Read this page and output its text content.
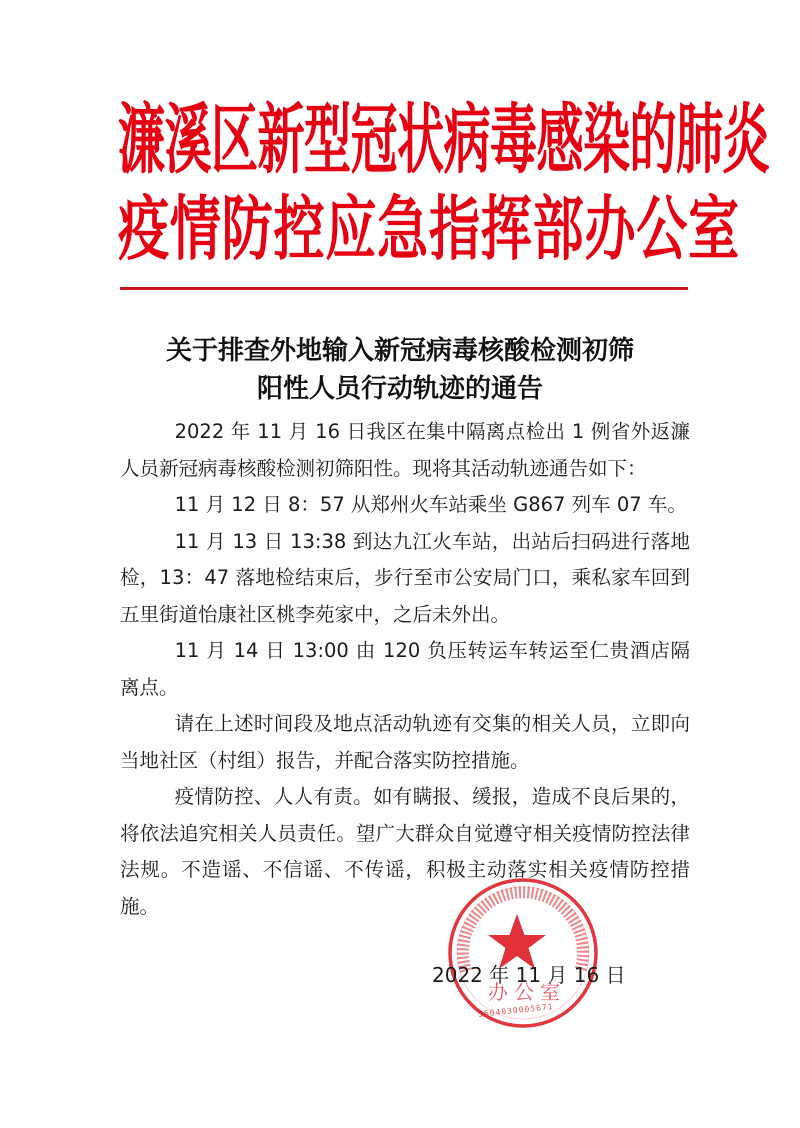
濂溪区新型冠状病毒感染的肺炎
疫情防控应急指挥部办公室
关于排查外地输入新冠病毒核酸检测初筛
阳性人员行动轨迹的通告

2022 年 11 月 16 日我区在集中隔离点检出 1 例省外返濂人员新冠病毒核酸检测初筛阳性。现将其活动轨迹通告如下：

11 月 12 日 8：57 从郑州火车站乘坐 G867 列车 07 车。

11 月 13 日 13:38 到达九江火车站，出站后扫码进行落地检，13：47 落地检结束后，步行至市公安局门口，乘私家车回到五里街道怡康社区桃李苑家中，之后未外出。

11 月 14 日 13:00 由 120 负压转运车转运至仁贵酒店隔离点。

请在上述时间段及地点活动轨迹有交集的相关人员，立即向当地社区（村组）报告，并配合落实防控措施。

疫情防控、人人有责。如有瞒报、缓报，造成不良后果的，将依法追究相关人员责任。望广大群众自觉遵守相关疫情防控法律法规。不造谣、不信谣、不传谣，积极主动落实相关疫情防控措施。

办公室
3604030005671
2022 年 11 月 16 日
